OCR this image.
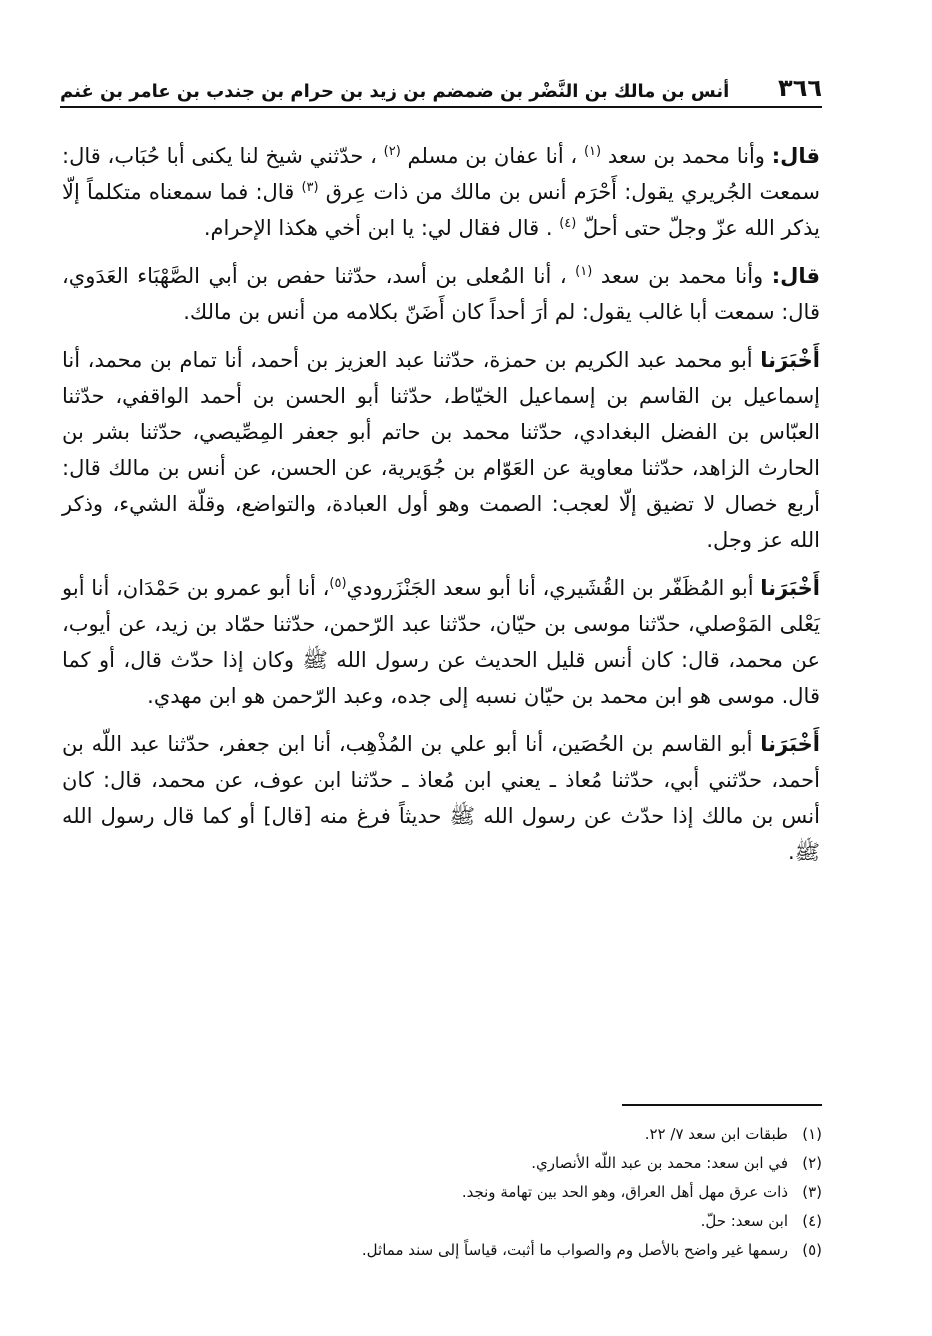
٣٦٦
أنس بن مالك بن النَّضْر بن ضمضم بن زيد بن حرام بن جندب بن عامر بن غنم

قال: وأنا محمد بن سعد $^{(١)}$ ، أنا عفان بن مسلم $^{(٢)}$ ، حدّثني شيخ لنا يكنى أبا حُبَاب، قال: سمعت الجُريري يقول: أَحْرَم أنس بن مالك من ذات عِرق $^{(٣)}$ قال: فما سمعناه متكلماً إلّا يذكر الله عزّ وجلّ حتى أحلّ $^{(٤)}$ . قال فقال لي: يا ابن أخي هكذا الإحرام.

قال: وأنا محمد بن سعد $^{(١)}$ ، أنا المُعلى بن أسد، حدّثنا حفص بن أبي الصَّهْبَاء العَدَوي، قال: سمعت أبا غالب يقول: لم أرَ أحداً كان أَضَنّ بكلامه من أنس بن مالك.

أَخْبَرَنا أبو محمد عبد الكريم بن حمزة، حدّثنا عبد العزيز بن أحمد، أنا تمام بن محمد، أنا إسماعيل بن القاسم بن إسماعيل الخيّاط، حدّثنا أبو الحسن بن أحمد الواقفي، حدّثنا العبّاس بن الفضل البغدادي، حدّثنا محمد بن حاتم أبو جعفر المِصِّيصي، حدّثنا بشر بن الحارث الزاهد، حدّثنا معاوية عن العَوّام بن جُوَيرية، عن الحسن، عن أنس بن مالك قال: أربع خصال لا تضيق إلّا لعجب: الصمت وهو أول العبادة، والتواضع، وقلّة الشيء، وذكر الله عز وجل.

أَخْبَرَنا أبو المُظَفّر بن القُشَيري، أنا أبو سعد الجَنْزَرودي$^{(٥)}$، أنا أبو عمرو بن حَمْدَان، أنا أبو يَعْلى المَوْصلي، حدّثنا موسى بن حيّان، حدّثنا عبد الرّحمن، حدّثنا حمّاد بن زيد، عن أيوب، عن محمد، قال: كان أنس قليل الحديث عن رسول الله ﷺ وكان إذا حدّث قال، أو كما قال. موسى هو ابن محمد بن حيّان نسبه إلى جده، وعبد الرّحمن هو ابن مهدي.

أَخْبَرَنا أبو القاسم بن الحُصَين، أنا أبو علي بن المُذْهِب، أنا ابن جعفر، حدّثنا عبد اللّه بن أحمد، حدّثني أبي، حدّثنا مُعاذ ـ يعني ابن مُعاذ ـ حدّثنا ابن عوف، عن محمد، قال: كان أنس بن مالك إذا حدّث عن رسول الله ﷺ حديثاً فرغ منه [قال] أو كما قال رسول الله ﷺ.

(١)
طبقات ابن سعد ٧/ ٢٢.
(٢)
في ابن سعد: محمد بن عبد اللّه الأنصاري.
(٣)
ذات عرق مهل أهل العراق، وهو الحد بين تهامة ونجد.
(٤)
ابن سعد: حلّ.
(٥)
رسمها غير واضح بالأصل وم والصواب ما أثبت، قياساً إلى سند مماثل.
